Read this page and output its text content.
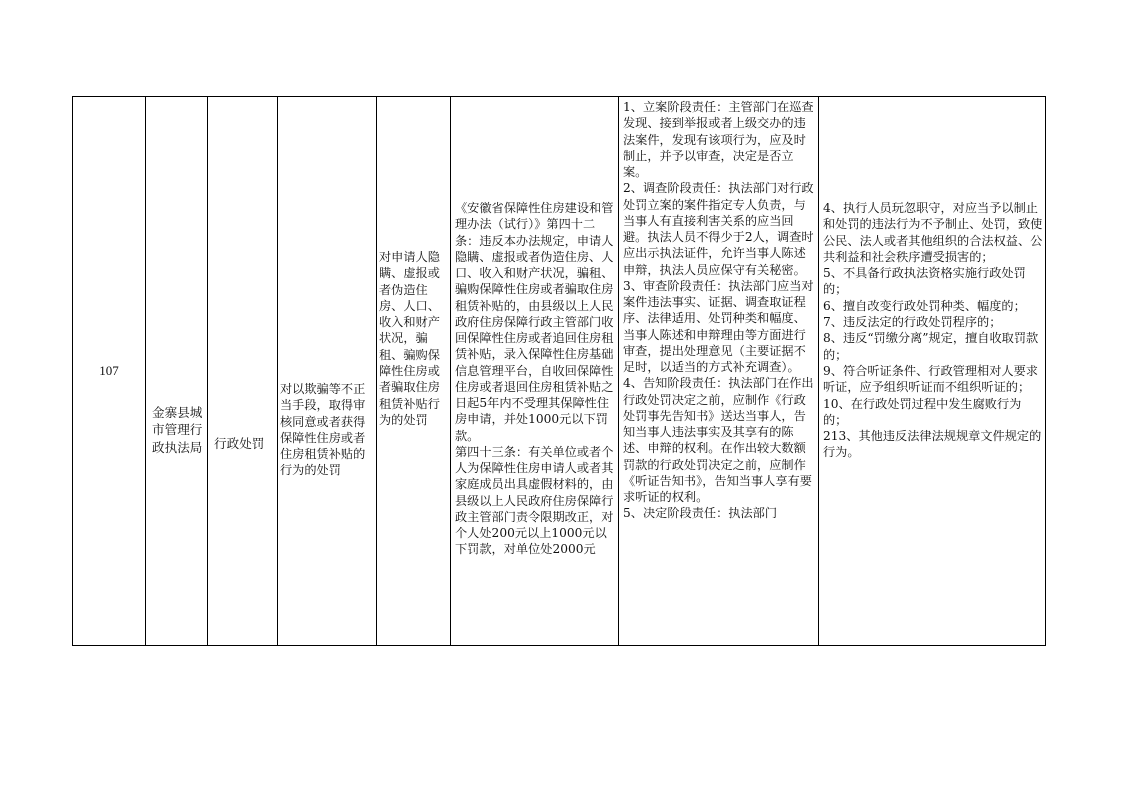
107
金寨县城市管理行政执法局 行政处罚
对以欺骗等不正当手段，取得审核同意或者获得保障性住房或者住房租赁补贴的行为的处罚
对申请人隐瞒、虚报或者伪造住房、人口、收入和财产状况，骗租、骗购保障性住房或者骗取住房租赁补贴行为的处罚
《安徽省保障性住房建设和管理办法（试行）》第四十二条：违反本办法规定，申请人隐瞒、虚报或者伪造住房、人口、收入和财产状况，骗租、骗购保障性住房或者骗取住房租赁补贴的，由县级以上人民政府住房保障行政主管部门收回保障性住房或者追回住房租赁补贴，录入保障性住房基础信息管理平台，自收回保障性住房或者退回住房租赁补贴之日起5年内不受理其保障性住房申请，并处1000元以下罚款。
第四十三条：有关单位或者个人为保障性住房申请人或者其家庭成员出具虚假材料的，由县级以上人民政府住房保障行政主管部门责令限期改正，对个人处200元以上1000元以下罚款，对单位处2000元
1、立案阶段责任：主管部门在巡查发现、接到举报或者上级交办的违法案件，发现有该项行为，应及时制止，并予以审查，决定是否立案。
2、调查阶段责任：执法部门对行政处罚立案的案件指定专人负责，与当事人有直接利害关系的应当回避。执法人员不得少于2人，调查时应出示执法证件，允许当事人陈述申辩，执法人员应保守有关秘密。
3、审查阶段责任：执法部门应当对案件违法事实、证据、调查取证程序、法律适用、处罚种类和幅度、当事人陈述和申辩理由等方面进行审查，提出处理意见（主要证据不足时，以适当的方式补充调查）。
4、告知阶段责任：执法部门在作出行政处罚决定之前，应制作《行政处罚事先告知书》送达当事人，告知当事人违法事实及其享有的陈述、申辩的权利。在作出较大数额罚款的行政处罚决定之前，应制作《听证告知书》，告知当事人享有要求听证的权利。
5、决定阶段责任：执法部门
4、执行人员玩忽职守，对应当予以制止和处罚的违法行为不予制止、处罚，致使公民、法人或者其他组织的合法权益、公共利益和社会秩序遭受损害的；
5、不具备行政执法资格实施行政处罚的；
6、擅自改变行政处罚种类、幅度的；
7、违反法定的行政处罚程序的；
8、违反“罚缴分离”规定，擅自收取罚款的；
9、符合听证条件、行政管理相对人要求听证，应予组织听证而不组织听证的；
10、在行政处罚过程中发生腐败行为的；
213、其他违反法律法规规章文件规定的行为。
